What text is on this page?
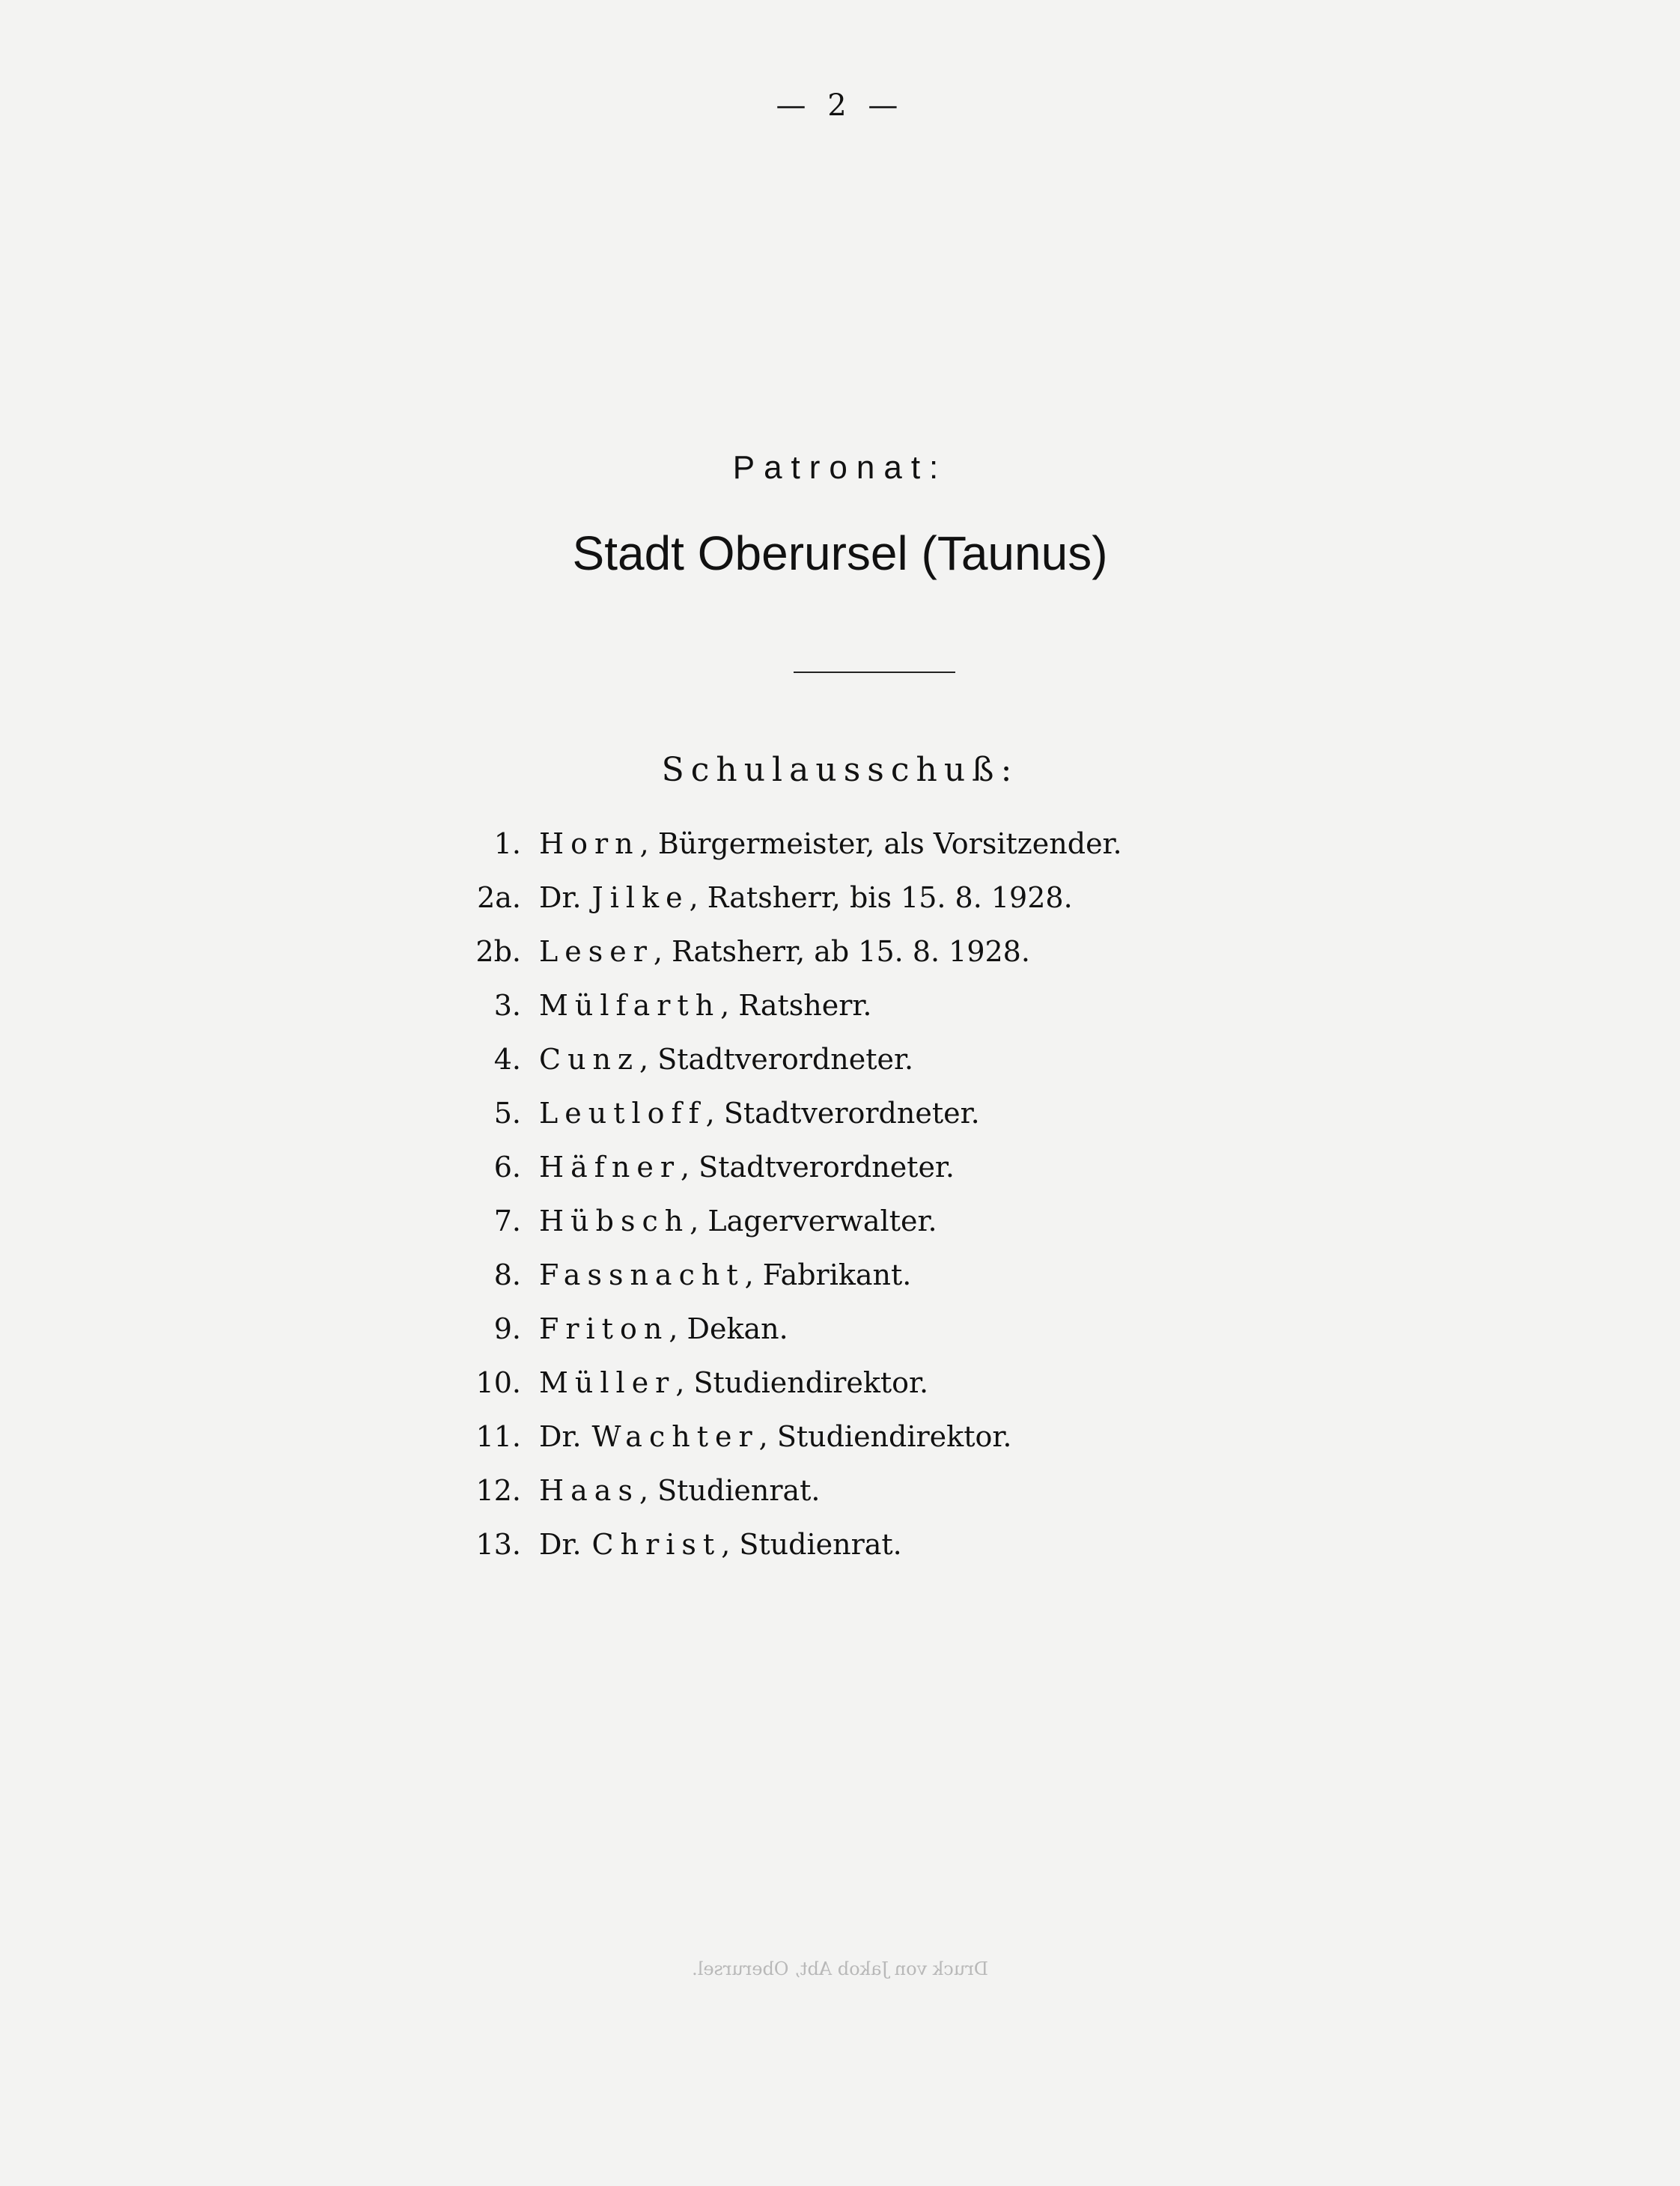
— 2 —
Patronat:
Stadt Oberursel (Taunus)
Schulausschuß:
1. Horn , Bürgermeister, als Vorsitzender.
2a. Dr. Jilke , Ratsherr, bis 15. 8. 1928.
2b. Leser , Ratsherr, ab 15. 8. 1928.
3. Mülfarth , Ratsherr.
4. Cunz , Stadtverordneter.
5. Leutloff , Stadtverordneter.
6. Häfner , Stadtverordneter.
7. Hübsch , Lagerverwalter.
8. Fassnacht , Fabrikant.
9. Friton , Dekan.
10. Müller , Studiendirektor.
11. Dr. Wachter , Studiendirektor.
12. Haas , Studienrat.
13. Dr. Christ , Studienrat.
Druck von Jakob Abt, Oberursel.
